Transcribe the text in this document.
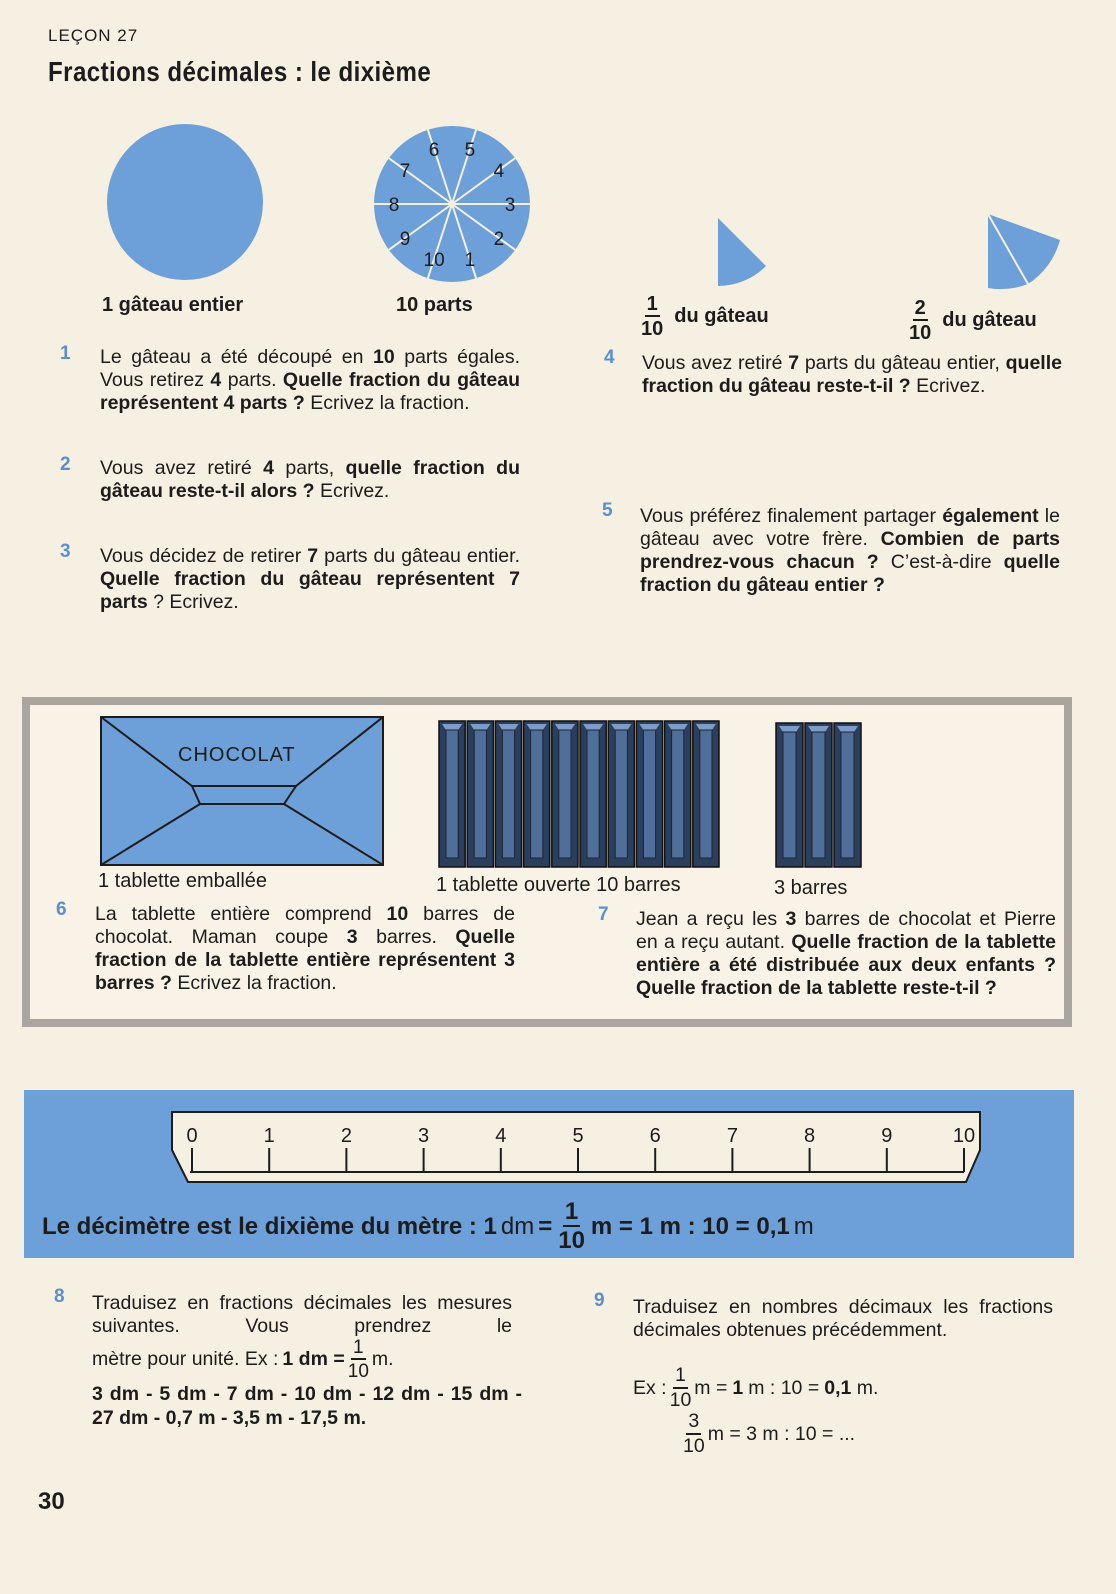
LEÇON 27
Fractions décimales : le dixième
1
2
3
4
5
6
7
8
9
10
1 gâteau entier	10 parts	$\frac{1}{10}$ du gâteau	$\frac{2}{10}$ du gâteau
1 Le gâteau a été découpé en 10 parts égales. Vous retirez 4 parts. Quelle fraction du gâteau représentent 4 parts ? Ecrivez la fraction.
2 Vous avez retiré 4 parts, quelle fraction du gâteau reste-t-il alors ? Ecrivez.
3 Vous décidez de retirer 7 parts du gâteau entier. Quelle fraction du gâteau représentent 7 parts ? Ecrivez.
4 Vous avez retiré 7 parts du gâteau entier, quelle fraction du gâteau reste-t-il ? Ecrivez.
5 Vous préférez finalement partager également le gâteau avec votre frère. Combien de parts prendrez-vous chacun ? C’est-à-dire quelle fraction du gâteau entier ?
CHOCOLAT
1 tablette emballée	1 tablette ouverte 10 barres	3 barres
6 La tablette entière comprend 10 barres de chocolat. Maman coupe 3 barres. Quelle fraction de la tablette entière représentent 3 barres ? Ecrivez la fraction.
7 Jean a reçu les 3 barres de chocolat et Pierre en a reçu autant. Quelle fraction de la tablette entière a été distribuée aux deux enfants ? Quelle fraction de la tablette reste-t-il ?
0	1	2	3	4	5	6	7	8	9	10
Le décimètre est le dixième du mètre : 1 dm = $\frac{1}{10}$ m = 1 m : 10 = 0,1 m
8 Traduisez en fractions décimales les mesures suivantes. Vous prendrez le mètre pour unité. Ex : 1 dm = $\frac{1}{10} m$.
3 dm - 5 dm - 7 dm - 10 dm - 12 dm - 15 dm - 27 dm - 0,7 m - 3,5 m - 17,5 m.
9 Traduisez en nombres décimaux les fractions décimales obtenues précédemment.
Ex : $\frac{1}{10}$ m = 1 m : 10 = 0,1 m.
$\frac{3}{10}$ m = 3 m : 10 = ...
30
